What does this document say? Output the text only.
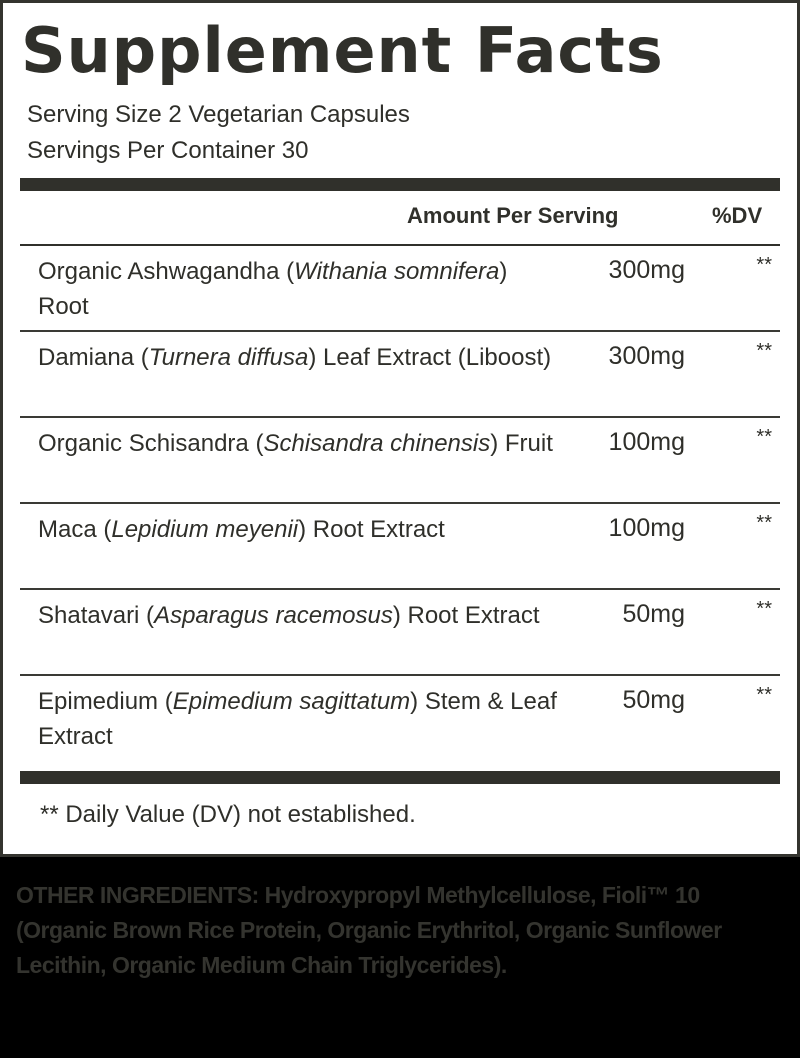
Supplement Facts
Serving Size 2 Vegetarian Capsules
Servings Per Container 30
Amount Per Serving	%DV
Organic Ashwagandha (Withania somnifera) Root
300mg	**
Damiana (Turnera diffusa) Leaf Extract (Liboost) 300mg	**
Organic Schisandra (Schisandra chinensis) Fruit 100mg	**
Maca (Lepidium meyenii) Root Extract	100mg	**
Shatavari (Asparagus racemosus) Root Extract	50mg	**
Epimedium (Epimedium sagittatum) Stem & Leaf Extract
50mg	**
** Daily Value (DV) not established.
OTHER INGREDIENTS: Hydroxypropyl Methylcellulose, Fioli™ 10 (Organic Brown Rice Protein, Organic Erythritol, Organic Sunflower Lecithin, Organic Medium Chain Triglycerides).
